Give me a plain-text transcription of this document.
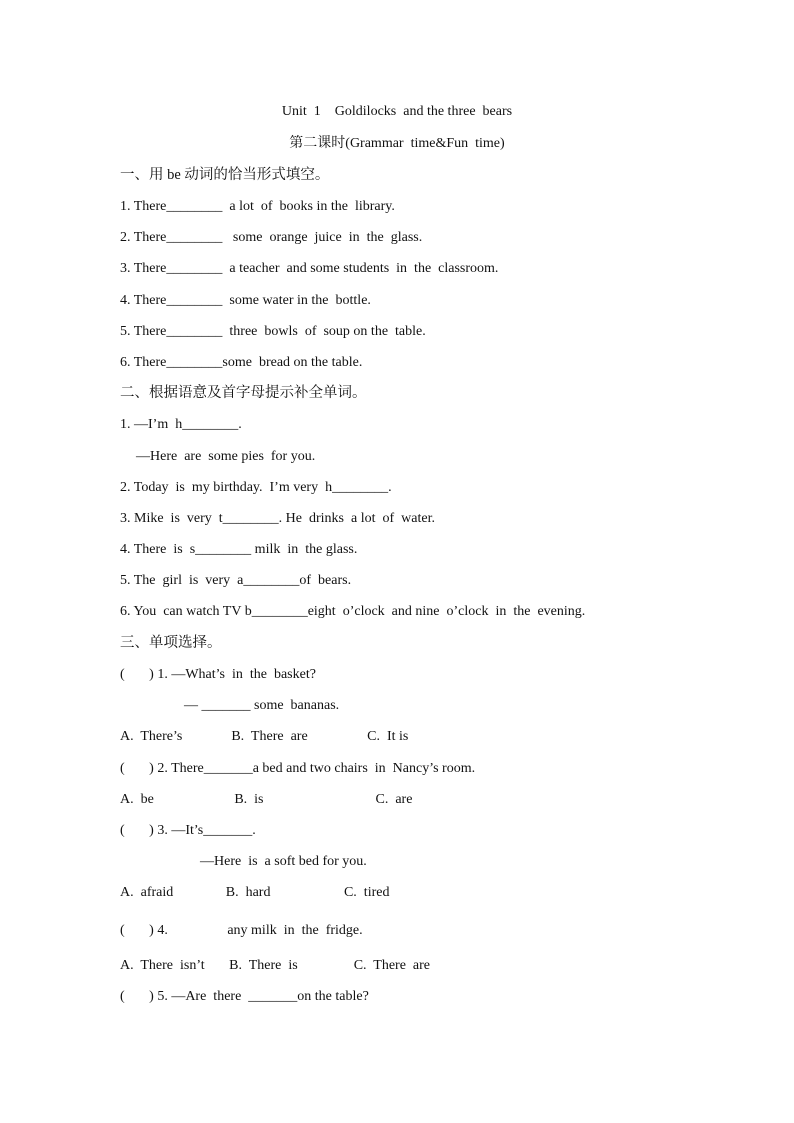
Unit  1    Goldilocks  and the three  bears
第二课时(Grammar  time&Fun  time)
一、用 be 动词的恰当形式填空。
1. There________  a lot  of  books in the  library.
2. There________   some  orange  juice  in  the  glass.
3. There________  a teacher  and some students  in  the  classroom.
4. There________  some water in the  bottle.
5. There________  three  bowls  of  soup on the  table.
6. There________some  bread on the table.
二、根据语意及首字母提示补全单词。
1. —I’m  h________.
—Here  are  some pies  for you.
2. Today  is  my birthday.  I’m very  h________.
3. Mike  is  very  t________. He  drinks  a lot  of  water.
4. There  is  s________ milk  in  the glass.
5. The  girl  is  very  a________of  bears.
6. You  can watch TV b________eight  o’clock  and nine  o’clock  in  the  evening.
三、单项选择。
(       ) 1. —What’s  in  the  basket?
— _______ some  bananas.
A.  There’s              B.  There  are                 C.  It is
(       ) 2. There_______a bed and two chairs  in  Nancy’s room.
A.  be                       B.  is                                C.  are
(       ) 3. —It’s_______.
—Here  is  a soft bed for you.
A.  afraid               B.  hard                     C.  tired
(       ) 4.                 any milk  in  the  fridge.
A.  There  isn’t       B.  There  is                C.  There  are
(       ) 5. —Are  there  _______on the table?
